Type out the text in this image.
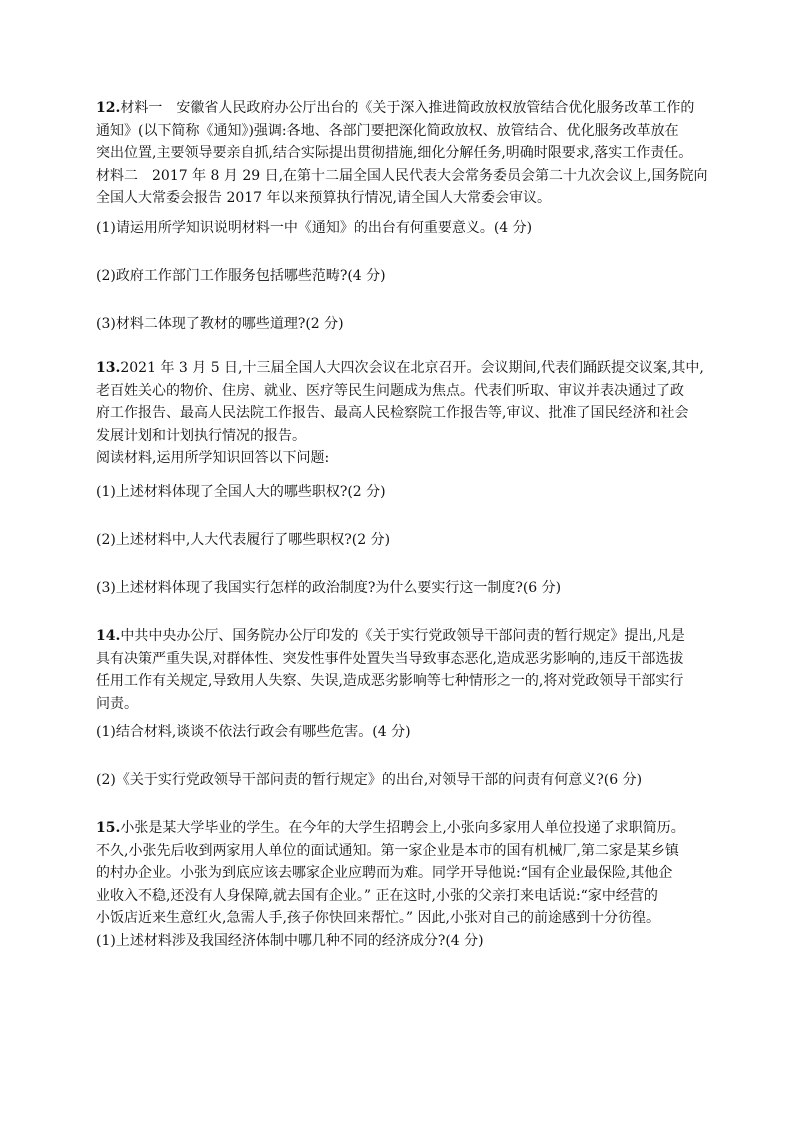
12.材料一　安徽省人民政府办公厅出台的《关于深入推进简政放权放管结合优化服务改革工作的
通知》(以下简称《通知》)强调:各地、各部门要把深化简政放权、放管结合、优化服务改革放在
突出位置,主要领导要亲自抓,结合实际提出贯彻措施,细化分解任务,明确时限要求,落实工作责任。
材料二　2017 年 8 月 29 日,在第十二届全国人民代表大会常务委员会第二十九次会议上,国务院向
全国人大常委会报告 2017 年以来预算执行情况,请全国人大常委会审议。
(1)请运用所学知识说明材料一中《通知》的出台有何重要意义。(4 分)
(2)政府工作部门工作服务包括哪些范畴?(4 分)
(3)材料二体现了教材的哪些道理?(2 分)
13.2021 年 3 月 5 日,十三届全国人大四次会议在北京召开。会议期间,代表们踊跃提交议案,其中,
老百姓关心的物价、住房、就业、医疗等民生问题成为焦点。代表们听取、审议并表决通过了政
府工作报告、最高人民法院工作报告、最高人民检察院工作报告等,审议、批准了国民经济和社会
发展计划和计划执行情况的报告。
阅读材料,运用所学知识回答以下问题:
(1)上述材料体现了全国人大的哪些职权?(2 分)
(2)上述材料中,人大代表履行了哪些职权?(2 分)
(3)上述材料体现了我国实行怎样的政治制度?为什么要实行这一制度?(6 分)
14.中共中央办公厅、国务院办公厅印发的《关于实行党政领导干部问责的暂行规定》提出,凡是
具有决策严重失误,对群体性、突发性事件处置失当导致事态恶化,造成恶劣影响的,违反干部选拔
任用工作有关规定,导致用人失察、失误,造成恶劣影响等七种情形之一的,将对党政领导干部实行
问责。
(1)结合材料,谈谈不依法行政会有哪些危害。(4 分)
(2)《关于实行党政领导干部问责的暂行规定》的出台,对领导干部的问责有何意义?(6 分)
15.小张是某大学毕业的学生。在今年的大学生招聘会上,小张向多家用人单位投递了求职简历。
不久,小张先后收到两家用人单位的面试通知。第一家企业是本市的国有机械厂,第二家是某乡镇
的村办企业。小张为到底应该去哪家企业应聘而为难。同学开导他说:“国有企业最保险,其他企
业收入不稳,还没有人身保障,就去国有企业。” 正在这时,小张的父亲打来电话说:“家中经营的
小饭店近来生意红火,急需人手,孩子你快回来帮忙。” 因此,小张对自己的前途感到十分彷徨。
(1)上述材料涉及我国经济体制中哪几种不同的经济成分?(4 分)
